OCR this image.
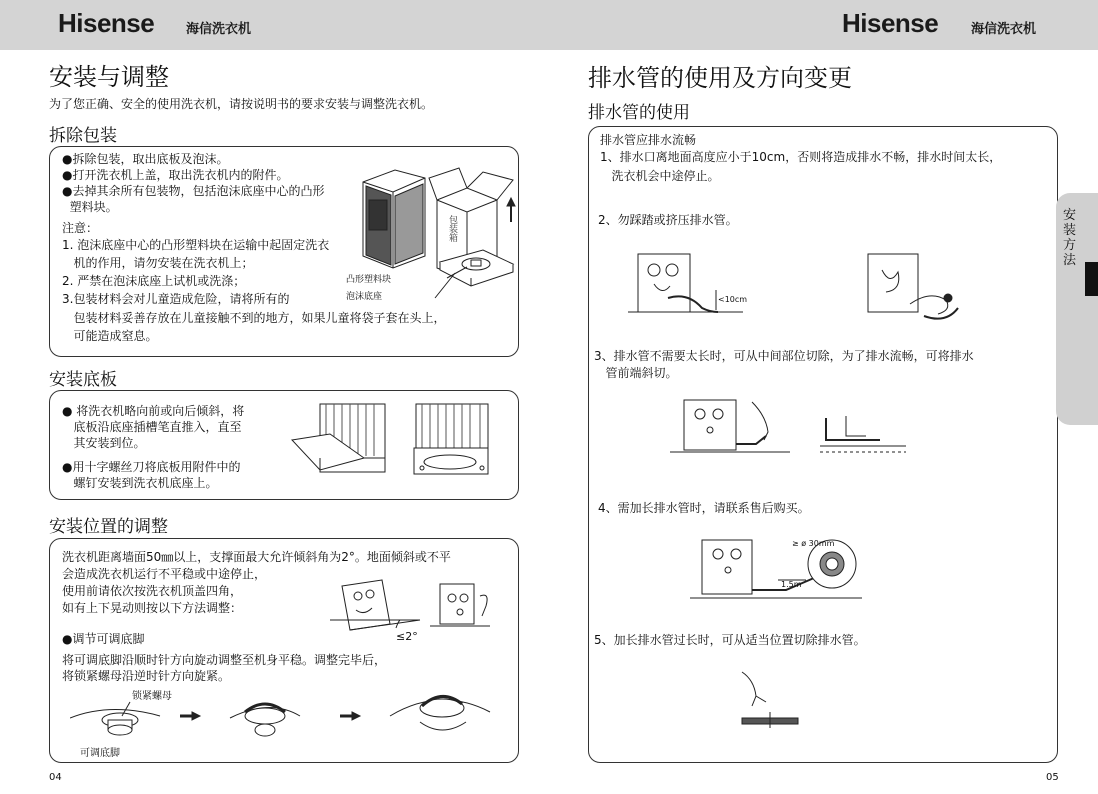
Hisense 海信洗衣机	Hisense	海信洗衣机
安装与调整
为了您正确、安全的使用洗衣机，请按说明书的要求安装与调整洗衣机。
拆除包装
●拆除包装，取出底板及泡沫。
●打开洗衣机上盖，取出洗衣机内的附件。
●去掉其余所有包装物，包括泡沫底座中心的凸形
塑料块。
注意：
1. 泡沫底座中心的凸形塑料块在运输中起固定洗衣
机的作用，请勿安装在洗衣机上；
2. 严禁在泡沫底座上试机或洗涤；
3.包装材料会对儿童造成危险，请将所有的
包装材料妥善存放在儿童接触不到的地方，如果儿童将袋子套在头上，
可能造成窒息。
包装箱
凸形塑料块
泡沫底座
安装底板
● 将洗衣机略向前或向后倾斜，将
底板沿底座插槽笔直推入，直至
其安装到位。
●用十字螺丝刀将底板用附件中的
螺钉安装到洗衣机底座上。
安装位置的调整
洗衣机距离墙面50㎜以上，支撑面最大允许倾斜角为2°。地面倾斜或不平
会造成洗衣机运行不平稳或中途停止，
使用前请依次按洗衣机顶盖四角，
如有上下晃动则按以下方法调整：
≤2°
●调节可调底脚
将可调底脚沿顺时针方向旋动调整至机身平稳。调整完毕后，
将锁紧螺母沿逆时针方向旋紧。
锁紧螺母
可调底脚
04
排水管的使用及方向变更
排水管的使用
排水管应排水流畅
1、排水口离地面高度应小于10cm，否则将造成排水不畅，排水时间太长，
洗衣机会中途停止。
2、勿踩踏或挤压排水管。
<10cm
3、排水管不需要太长时，可从中间部位切除，为了排水流畅，可将排水
管前端斜切。
4、需加长排水管时，请联系售后购买。
≥ ø 30mm
1.5m
5、加长排水管过长时，可从适当位置切除排水管。
05
安装方法
